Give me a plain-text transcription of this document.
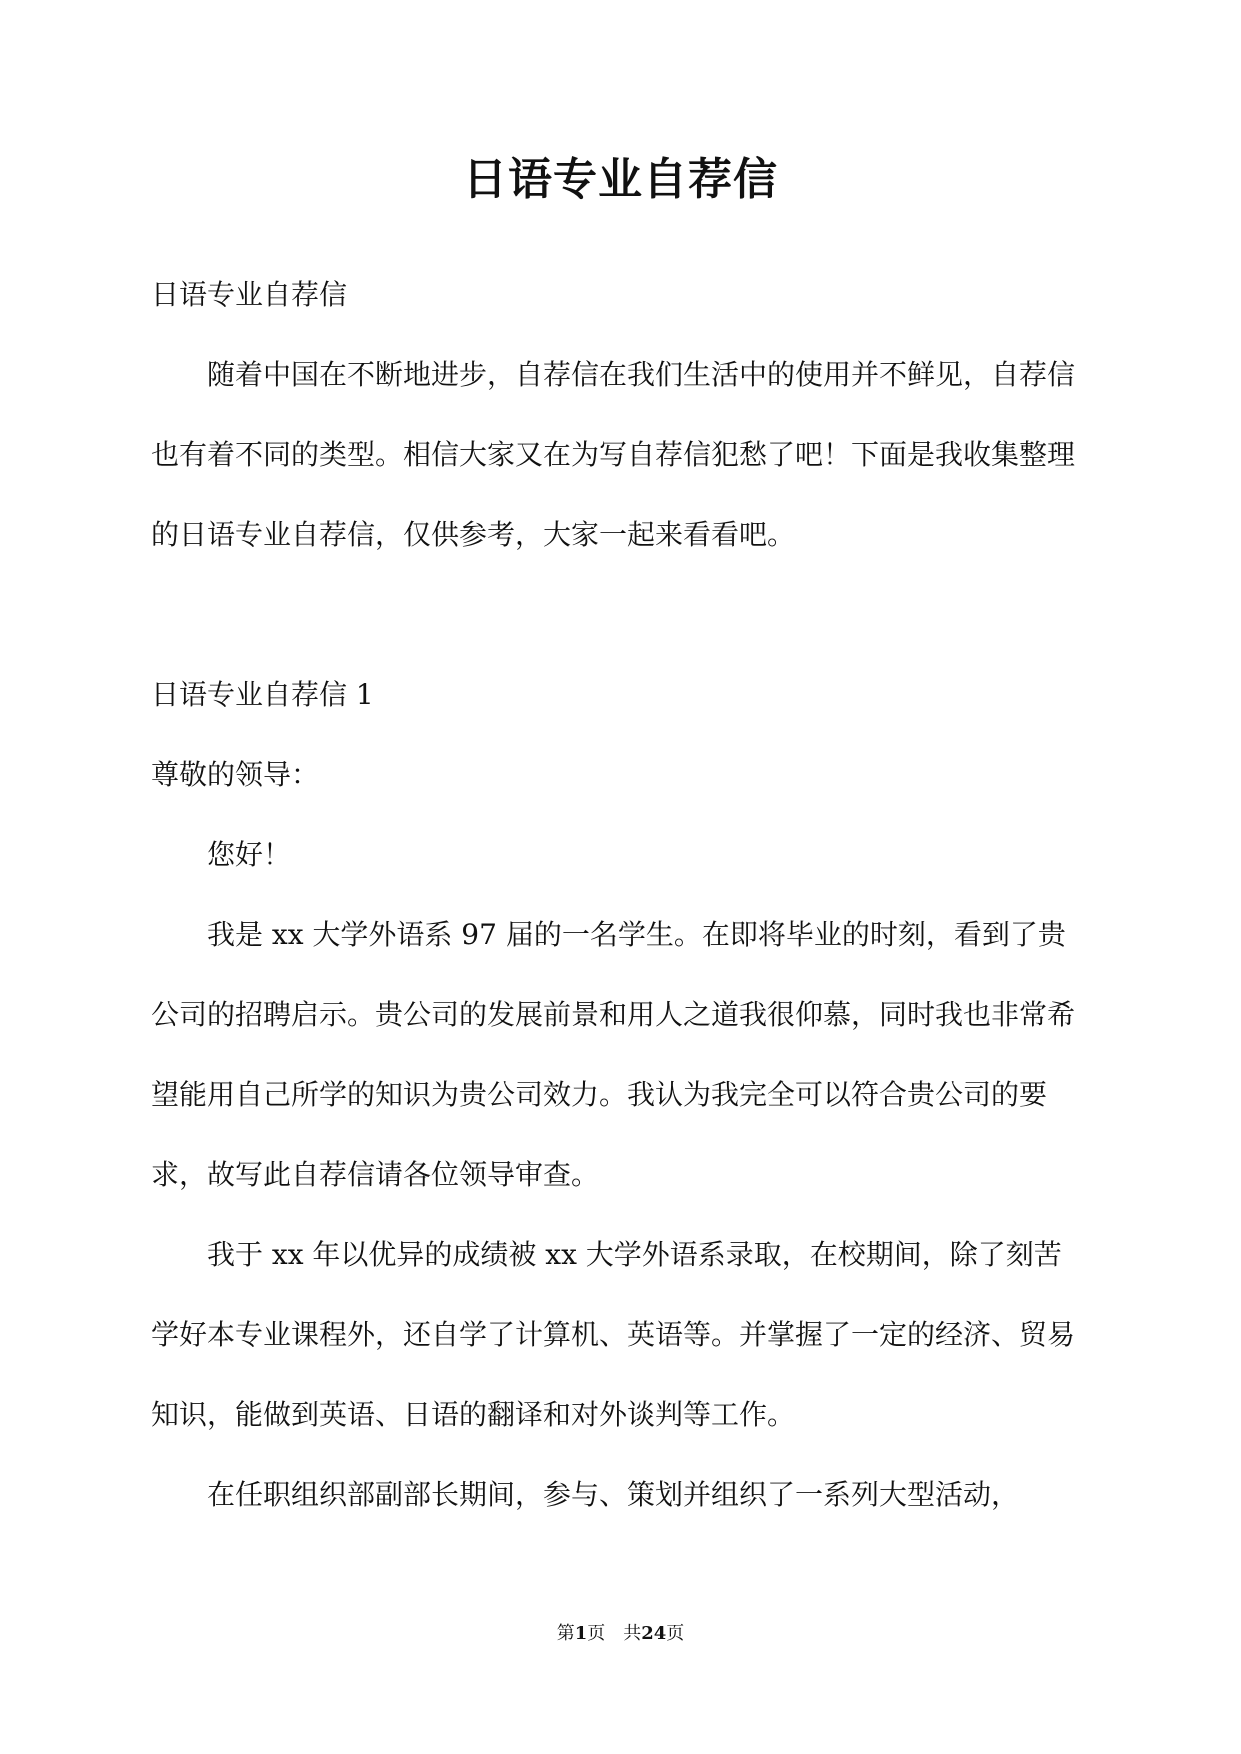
日语专业自荐信

日语专业自荐信

随着中国在不断地进步，自荐信在我们生活中的使用并不鲜见，自荐信也有着不同的类型。相信大家又在为写自荐信犯愁了吧！下面是我收集整理的日语专业自荐信，仅供参考，大家一起来看看吧。

日语专业自荐信 1

尊敬的领导：

您好！

我是 xx 大学外语系 97 届的一名学生。在即将毕业的时刻，看到了贵公司的招聘启示。贵公司的发展前景和用人之道我很仰慕，同时我也非常希望能用自己所学的知识为贵公司效力。我认为我完全可以符合贵公司的要求，故写此自荐信请各位领导审查。

我于 xx 年以优异的成绩被 xx 大学外语系录取，在校期间，除了刻苦学好本专业课程外，还自学了计算机、英语等。并掌握了一定的经济、贸易知识，能做到英语、日语的翻译和对外谈判等工作。

在任职组织部副部长期间，参与、策划并组织了一系列大型活动，

第1页　共24页
